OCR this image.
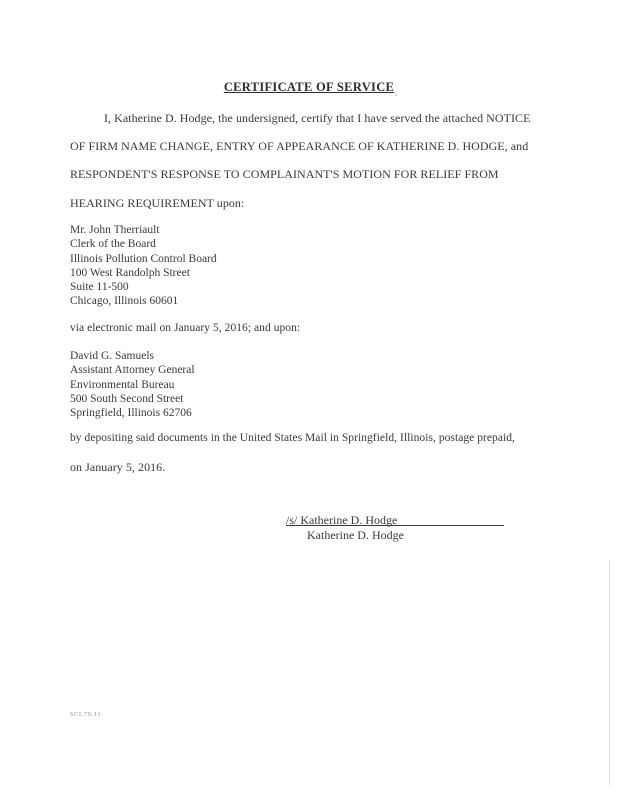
CERTIFICATE OF SERVICE
I, Katherine D. Hodge, the undersigned, certify that I have served the attached NOTICE
OF FIRM NAME CHANGE, ENTRY OF APPEARANCE OF KATHERINE D. HODGE, and
RESPONDENT'S RESPONSE TO COMPLAINANT'S MOTION FOR RELIEF FROM
HEARING REQUIREMENT upon:
Mr. John Therriault
Clerk of the Board
Illinois Pollution Control Board
100 West Randolph Street
Suite 11-500
Chicago, Illinois 60601
via electronic mail on January 5, 2016; and upon:
David G. Samuels
Assistant Attorney General
Environmental Bureau
500 South Second Street
Springfield, Illinois 62706
by depositing said documents in the United States Mail in Springfield, Illinois, postage prepaid,
on January 5, 2016.
/s/ Katherine D. Hodge
Katherine D. Hodge
SCI.79.11
